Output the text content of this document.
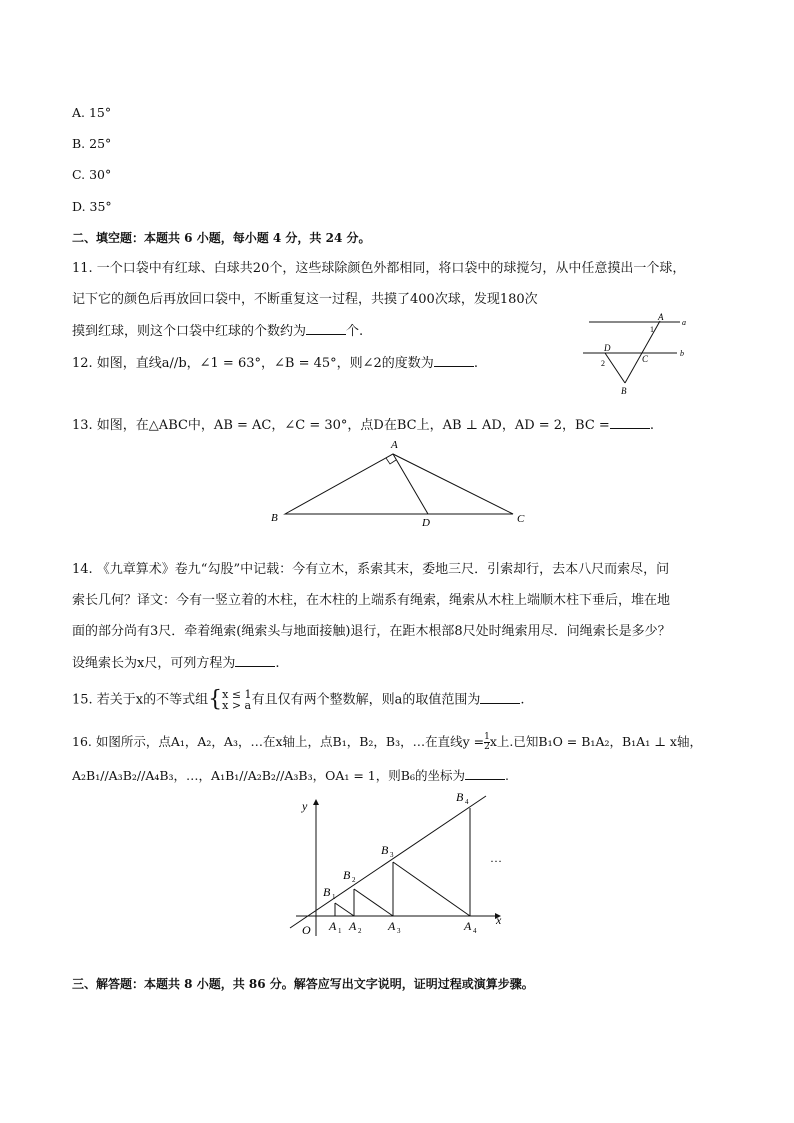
A. 15°
B. 25°
C. 30°
D. 35°
二、填空题：本题共 6 小题，每小题 4 分，共 24 分。
11. 一个口袋中有红球、白球共20个，这些球除颜色外都相同，将口袋中的球搅匀，从中任意摸出一个球，
记下它的颜色后再放回口袋中，不断重复这一过程，共摸了400次球，发现180次
摸到红球，则这个口袋中红球的个数约为	个.
12. 如图，直线a//b，∠1 = 63°，∠B = 45°，则∠2的度数为	.
a
b
A
1
D
C
2
B
13. 如图，在△ABC中，AB = AC，∠C = 30°，点D在BC上，AB ⊥ AD，AD = 2，BC =	.
A
B	D	C
14. 《九章算术》卷九“勾股”中记载：今有立木，系索其末，委地三尺．引索却行，去本八尺而索尽，问
索长几何？译文：今有一竖立着的木柱，在木柱的上端系有绳索，绳索从木柱上端顺木柱下垂后，堆在地
面的部分尚有3尺．牵着绳索(绳索头与地面接触)退行，在距木根部8尺处时绳索用尽．问绳索长是多少？
设绳索长为x尺，可列方程为	.
15. 若关于x的不等式组{ x ≤ 1
x > a 有且仅有两个整数解，则a的取值范围为	.
16. 如图所示，点A₁，A₂，A₃，…在x轴上，点B₁，B₂，B₃，…在直线$y = \frac{1}{2}$ x上.已知B₁O = B₁A₂，B₁A₁ ⊥ x轴，
A₂B₁//A₃B₂//A₄B₃，…，A₁B₁//A₂B₂//A₃B₃，OA₁ = 1，则B₆的坐标为	.
y
x
O
…
B 1
B 2
B 3
B 4
A 1 A 2 A 3	A 4
三、解答题：本题共 8 小题，共 86 分。解答应写出文字说明，证明过程或演算步骤。
